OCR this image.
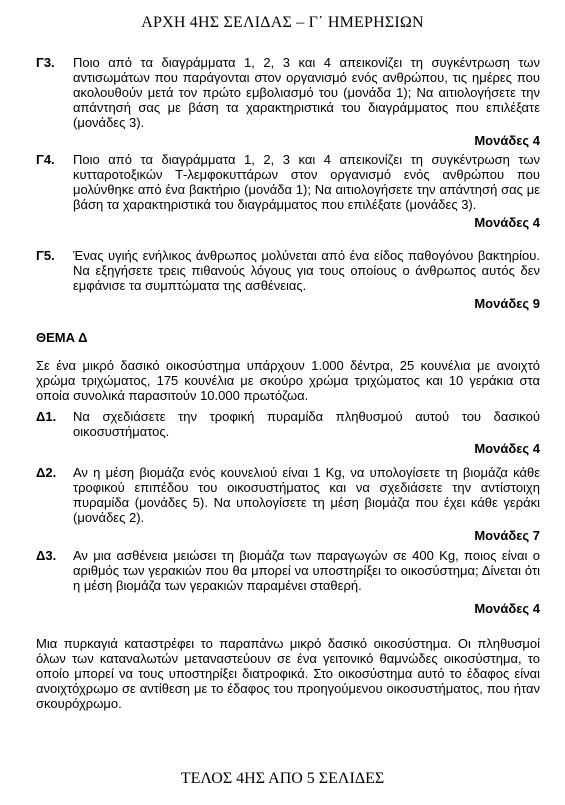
ΑΡΧΗ 4ΗΣ ΣΕΛΙΔΑΣ – Γ΄ ΗΜΕΡΗΣΙΩΝ
Γ3.	Ποιο από τα διαγράμματα 1, 2, 3 και 4 απεικονίζει τη συγκέντρωση των αντισωμάτων που παράγονται στον οργανισμό ενός ανθρώπου, τις ημέρες που ακολουθούν μετά τον πρώτο εμβολιασμό του (μονάδα 1); Να αιτιολογήσετε την απάντησή σας με βάση τα χαρακτηριστικά του διαγράμματος που επιλέξατε (μονάδες 3).
Μονάδες 4
Γ4.	Ποιο από τα διαγράμματα 1, 2, 3 και 4 απεικονίζει τη συγκέντρωση των κυτταροτοξικών Τ-λεμφοκυττάρων στον οργανισμό ενός ανθρώπου που μολύνθηκε από ένα βακτήριο (μονάδα 1); Να αιτιολογήσετε την απάντησή σας με βάση τα χαρακτηριστικά του διαγράμματος που επιλέξατε (μονάδες 3).
Μονάδες 4
Γ5.	Ένας υγιής ενήλικος άνθρωπος μολύνεται από ένα είδος παθογόνου βακτηρίου. Να εξηγήσετε τρεις πιθανούς λόγους για τους οποίους ο άνθρωπος αυτός δεν εμφάνισε τα συμπτώματα της ασθένειας.
Μονάδες 9
ΘΕΜΑ Δ
Σε ένα μικρό δασικό οικοσύστημα υπάρχουν 1.000 δέντρα, 25 κουνέλια με ανοιχτό χρώμα τριχώματος, 175 κουνέλια με σκούρο χρώμα τριχώματος και 10 γεράκια στα οποία συνολικά παρασιτούν 10.000 πρωτόζωα.
Δ1.	Να σχεδιάσετε την τροφική πυραμίδα πληθυσμού αυτού του δασικού οικοσυστήματος.
Μονάδες 4
Δ2.	Αν η μέση βιομάζα ενός κουνελιού είναι 1 Kg, να υπολογίσετε τη βιομάζα κάθε τροφικού επιπέδου του οικοσυστήματος και να σχεδιάσετε την αντίστοιχη πυραμίδα (μονάδες 5). Να υπολογίσετε τη μέση βιομάζα που έχει κάθε γεράκι (μονάδες 2).
Μονάδες 7
Δ3.	Αν μια ασθένεια μειώσει τη βιομάζα των παραγωγών σε 400 Kg, ποιος είναι ο αριθμός των γερακιών που θα μπορεί να υποστηρίξει το οικοσύστημα; Δίνεται ότι η μέση βιομάζα των γερακιών παραμένει σταθερή.
Μονάδες 4
Μια πυρκαγιά καταστρέφει το παραπάνω μικρό δασικό οικοσύστημα. Οι πληθυσμοί όλων των καταναλωτών μεταναστεύουν σε ένα γειτονικό θαμνώδες οικοσύστημα, το οποίο μπορεί να τους υποστηρίξει διατροφικά. Στο οικοσύστημα αυτό το έδαφος είναι ανοιχτόχρωμο σε αντίθεση με το έδαφος του προηγούμενου οικοσυστήματος, που ήταν σκουρόχρωμο.
ΤΕΛΟΣ 4ΗΣ ΑΠΟ 5 ΣΕΛΙΔΕΣ
